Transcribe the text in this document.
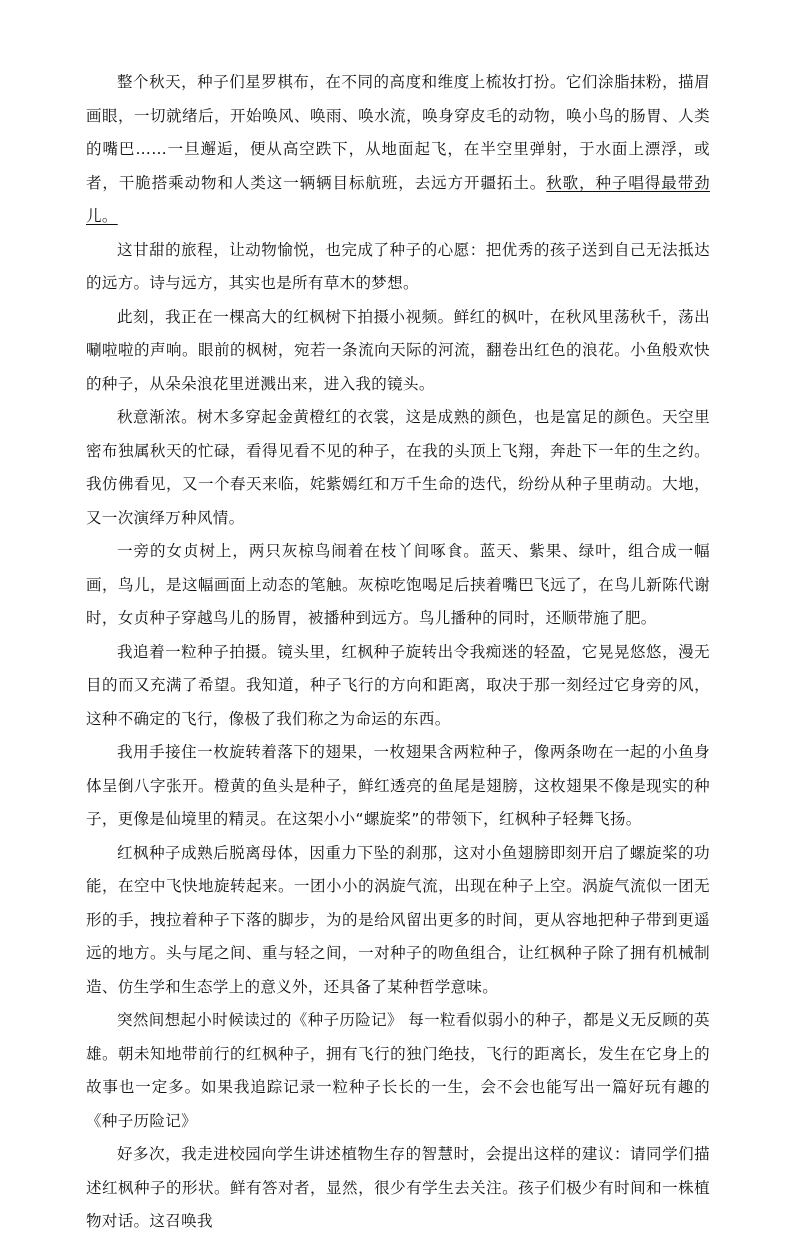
整个秋天，种子们星罗棋布，在不同的高度和维度上梳妆打扮。它们涂脂抹粉，描眉画眼，一切就绪后，开始唤风、唤雨、唤水流，唤身穿皮毛的动物，唤小鸟的肠胃、人类的嘴巴……一旦邂逅，便从高空跌下，从地面起飞，在半空里弹射，于水面上漂浮，或者，干脆搭乘动物和人类这一辆辆目标航班，去远方开疆拓土。秋歌，种子唱得最带劲儿。

这甘甜的旅程，让动物愉悦，也完成了种子的心愿：把优秀的孩子送到自己无法抵达的远方。诗与远方，其实也是所有草木的梦想。

此刻，我正在一棵高大的红枫树下拍摄小视频。鲜红的枫叶，在秋风里荡秋千，荡出唰啦啦的声响。眼前的枫树，宛若一条流向天际的河流，翻卷出红色的浪花。小鱼般欢快的种子，从朵朵浪花里迸溅出来，进入我的镜头。

秋意渐浓。树木多穿起金黄橙红的衣裳，这是成熟的颜色，也是富足的颜色。天空里密布独属秋天的忙碌，看得见看不见的种子，在我的头顶上飞翔，奔赴下一年的生之约。我仿佛看见，又一个春天来临，姹紫嫣红和万千生命的迭代，纷纷从种子里萌动。大地，又一次演绎万种风情。

一旁的女贞树上，两只灰椋鸟闹着在枝丫间啄食。蓝天、紫果、绿叶，组合成一幅画，鸟儿，是这幅画面上动态的笔触。灰椋吃饱喝足后挟着嘴巴飞远了，在鸟儿新陈代谢时，女贞种子穿越鸟儿的肠胃，被播种到远方。鸟儿播种的同时，还顺带施了肥。

我追着一粒种子拍摄。镜头里，红枫种子旋转出令我痴迷的轻盈，它晃晃悠悠，漫无目的而又充满了希望。我知道，种子飞行的方向和距离，取决于那一刻经过它身旁的风，这种不确定的飞行，像极了我们称之为命运的东西。

我用手接住一枚旋转着落下的翅果，一枚翅果含两粒种子，像两条吻在一起的小鱼身体呈倒八字张开。橙黄的鱼头是种子，鲜红透亮的鱼尾是翅膀，这枚翅果不像是现实的种子，更像是仙境里的精灵。在这架小小“螺旋桨”的带领下，红枫种子轻舞飞扬。

红枫种子成熟后脱离母体，因重力下坠的刹那，这对小鱼翅膀即刻开启了螺旋桨的功能，在空中飞快地旋转起来。一团小小的涡旋气流，出现在种子上空。涡旋气流似一团无形的手，拽拉着种子下落的脚步，为的是给风留出更多的时间，更从容地把种子带到更遥远的地方。头与尾之间、重与轻之间，一对种子的吻鱼组合，让红枫种子除了拥有机械制造、仿生学和生态学上的意义外，还具备了某种哲学意味。

突然间想起小时候读过的《种子历险记》 每一粒看似弱小的种子，都是义无反顾的英雄。朝未知地带前行的红枫种子，拥有飞行的独门绝技，飞行的距离长，发生在它身上的故事也一定多。如果我追踪记录一粒种子长长的一生，会不会也能写出一篇好玩有趣的《种子历险记》

好多次，我走进校园向学生讲述植物生存的智慧时，会提出这样的建议：请同学们描述红枫种子的形状。鲜有答对者，显然，很少有学生去关注。孩子们极少有时间和一株植物对话。这召唤我
